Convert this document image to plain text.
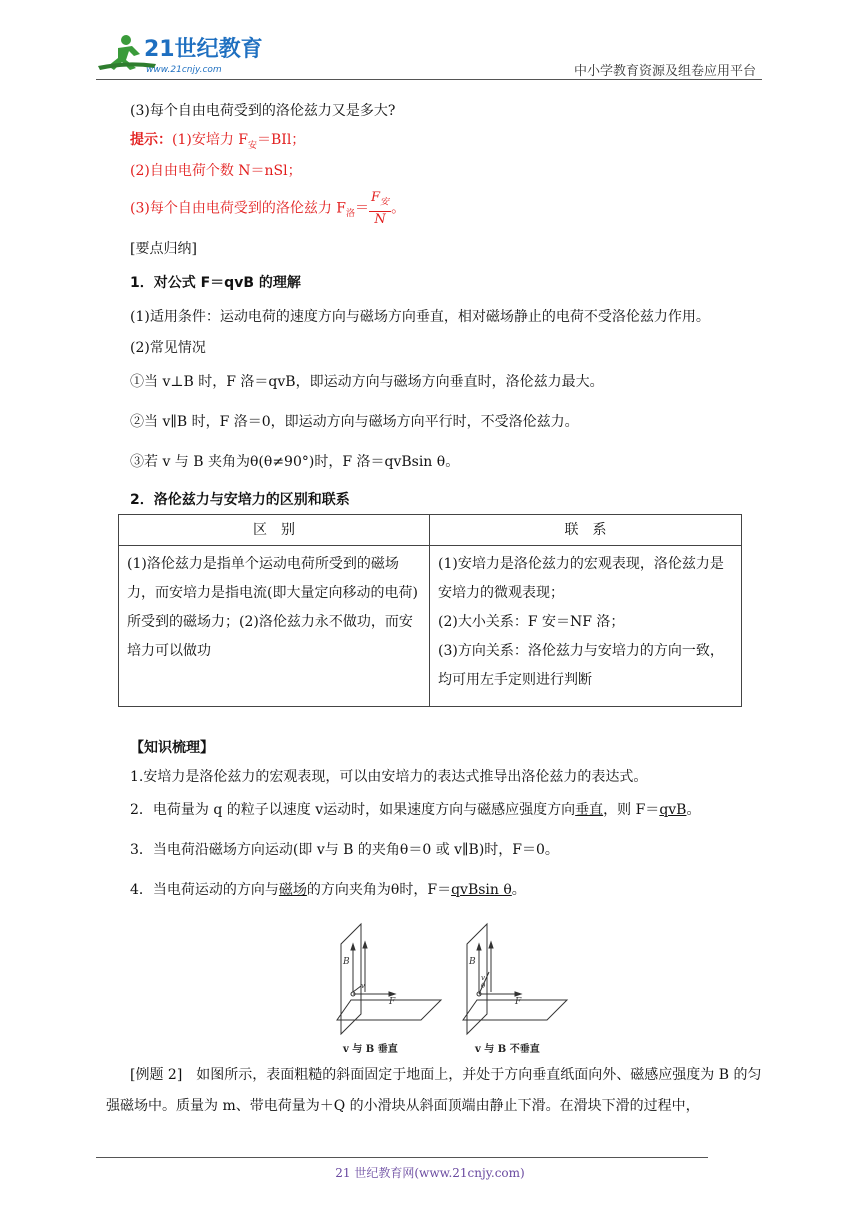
21世纪教育
www.21cnjy.com	中小学教育资源及组卷应用平台
(3)每个自由电荷受到的洛伦兹力又是多大?
提示：(1)安培力 $F_安=BIl$；
(2)自由电荷个数 N＝nSl；
(3)每个自由电荷受到的洛伦兹力 $F_洛= \frac{F_安}{N}$ 。
[要点归纳]
1．对公式 F＝qvB 的理解
(1)适用条件：运动电荷的速度方向与磁场方向垂直，相对磁场静止的电荷不受洛伦兹力作用。
(2)常见情况
①当 v⊥B 时，F 洛＝qvB，即运动方向与磁场方向垂直时，洛伦兹力最大。
②当 v∥B 时，F 洛＝0，即运动方向与磁场方向平行时，不受洛伦兹力。
③若 v 与 B 夹角为θ(θ≠90°)时，F 洛＝qvBsin θ。
2．洛伦兹力与安培力的区别和联系
区　别	联　系
(1)洛伦兹力是指单个运动电荷所受到的磁场力，而安培力是指电流(即大量定向移动的电荷)所受到的磁场力；(2)洛伦兹力永不做功，而安培力可以做功	(1)安培力是洛伦兹力的宏观表现，洛伦兹力是安培力的微观表现；
(2)大小关系：F 安＝NF 洛；
(3)方向关系：洛伦兹力与安培力的方向一致，均可用左手定则进行判断
【知识梳理】
1.安培力是洛伦兹力的宏观表现，可以由安培力的表达式推导出洛伦兹力的表达式。
2．电荷量为 q 的粒子以速度 v运动时，如果速度方向与磁感应强度方向垂直，则 F＝qvB。
3．当电荷沿磁场方向运动(即 v与 B 的夹角θ＝0 或 v∥B)时，F＝0。
4．当电荷运动的方向与磁场的方向夹角为θ时，F＝qvBsin θ。
B
v
F
B
v
θ
F
v 与 B 垂直	v 与 B 不垂直
[例题 2]　如图所示，表面粗糙的斜面固定于地面上，并处于方向垂直纸面向外、磁感应强度为 B 的匀强磁场中。质量为 m、带电荷量为＋Q 的小滑块从斜面顶端由静止下滑。在滑块下滑的过程中，
21 世纪教育网(www.21cnjy.com)
